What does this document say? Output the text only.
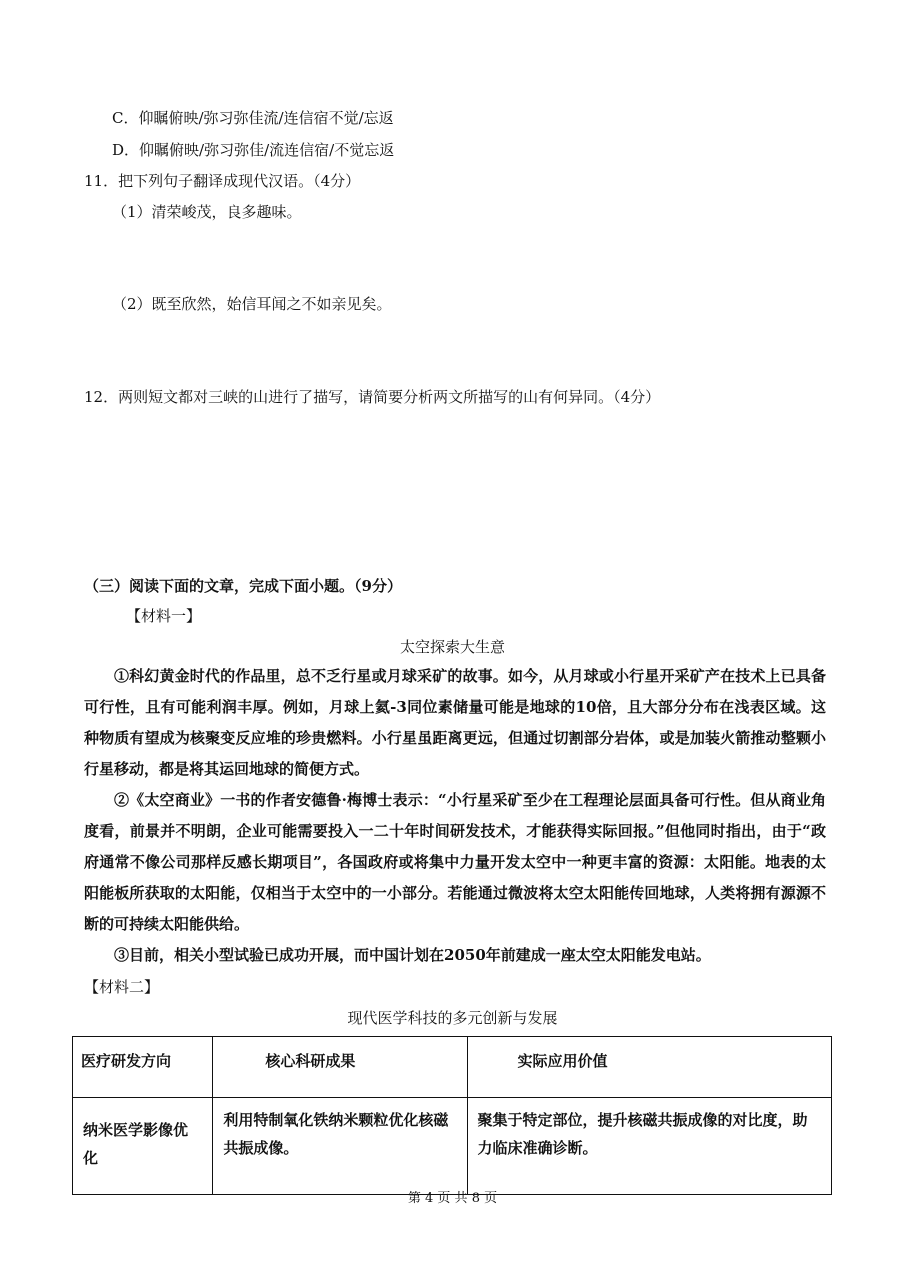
C．仰瞩俯映/弥习弥佳流/连信宿不觉/忘返
D．仰瞩俯映/弥习弥佳/流连信宿/不觉忘返
11．把下列句子翻译成现代汉语。（4分）
（1）清荣峻茂，良多趣味。
（2）既至欣然，始信耳闻之不如亲见矣。
12．两则短文都对三峡的山进行了描写，请简要分析两文所描写的山有何异同。（4分）
（三）阅读下面的文章，完成下面小题。（9分）
【材料一】
太空探索大生意
①科幻黄金时代的作品里，总不乏行星或月球采矿的故事。如今，从月球或小行星开采矿产在技术上已具备可行性，且有可能利润丰厚。例如，月球上氦-3同位素储量可能是地球的10倍，且大部分分布在浅表区域。这种物质有望成为核聚变反应堆的珍贵燃料。小行星虽距离更远，但通过切割部分岩体，或是加装火箭推动整颗小行星移动，都是将其运回地球的简便方式。
②《太空商业》一书的作者安德鲁·梅博士表示：“小行星采矿至少在工程理论层面具备可行性。但从商业角度看，前景并不明朗，企业可能需要投入一二十年时间研发技术，才能获得实际回报。”但他同时指出，由于“政府通常不像公司那样反感长期项目”，各国政府或将集中力量开发太空中一种更丰富的资源：太阳能。地表的太阳能板所获取的太阳能，仅相当于太空中的一小部分。若能通过微波将太空太阳能传回地球，人类将拥有源源不断的可持续太阳能供给。
③目前，相关小型试验已成功开展，而中国计划在2050年前建成一座太空太阳能发电站。
【材料二】
现代医学科技的多元创新与发展
医疗研发方向	核心科研成果	实际应用价值
纳米医学影像优化	利用特制氧化铁纳米颗粒优化核磁共振成像。	聚集于特定部位，提升核磁共振成像的对比度，助力临床准确诊断。
第 4 页 共 8 页
